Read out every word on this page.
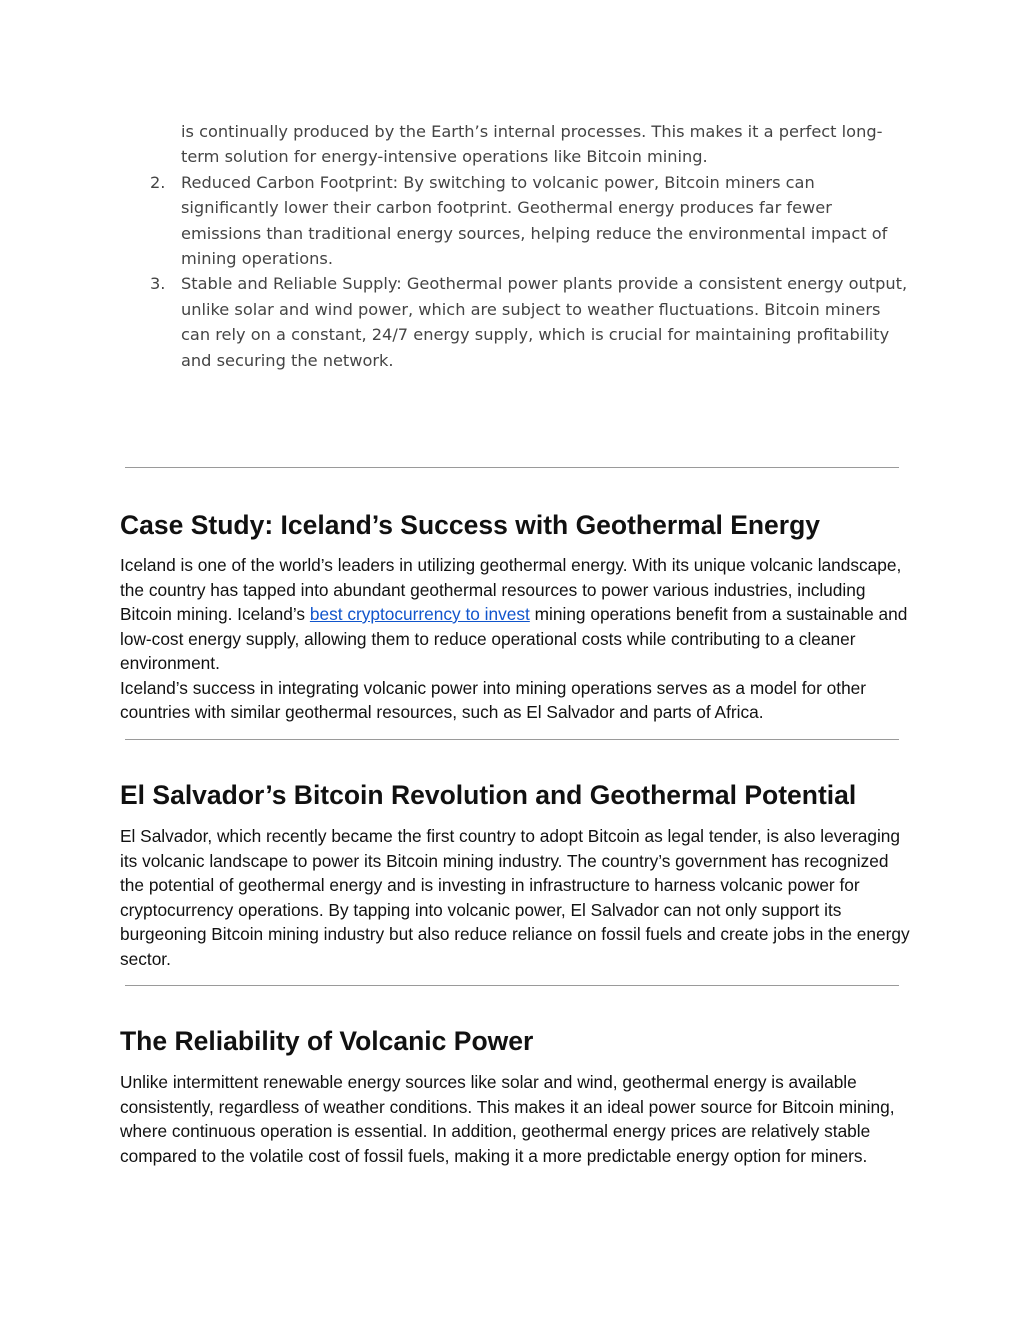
is continually produced by the Earth’s internal processes. This makes it a perfect long-term solution for energy-intensive operations like Bitcoin mining.
2. Reduced Carbon Footprint: By switching to volcanic power, Bitcoin miners can significantly lower their carbon footprint. Geothermal energy produces far fewer emissions than traditional energy sources, helping reduce the environmental impact of mining operations.
3. Stable and Reliable Supply: Geothermal power plants provide a consistent energy output, unlike solar and wind power, which are subject to weather fluctuations. Bitcoin miners can rely on a constant, 24/7 energy supply, which is crucial for maintaining profitability and securing the network.
Case Study: Iceland’s Success with Geothermal Energy

Iceland is one of the world’s leaders in utilizing geothermal energy. With its unique volcanic landscape, the country has tapped into abundant geothermal resources to power various industries, including Bitcoin mining. Iceland’s best cryptocurrency to invest mining operations benefit from a sustainable and low-cost energy supply, allowing them to reduce operational costs while contributing to a cleaner environment.
Iceland’s success in integrating volcanic power into mining operations serves as a model for other countries with similar geothermal resources, such as El Salvador and parts of Africa.

El Salvador’s Bitcoin Revolution and Geothermal Potential

El Salvador, which recently became the first country to adopt Bitcoin as legal tender, is also leveraging its volcanic landscape to power its Bitcoin mining industry. The country’s government has recognized the potential of geothermal energy and is investing in infrastructure to harness volcanic power for cryptocurrency operations. By tapping into volcanic power, El Salvador can not only support its burgeoning Bitcoin mining industry but also reduce reliance on fossil fuels and create jobs in the energy sector.

The Reliability of Volcanic Power

Unlike intermittent renewable energy sources like solar and wind, geothermal energy is available consistently, regardless of weather conditions. This makes it an ideal power source for Bitcoin mining, where continuous operation is essential. In addition, geothermal energy prices are relatively stable compared to the volatile cost of fossil fuels, making it a more predictable energy option for miners.
